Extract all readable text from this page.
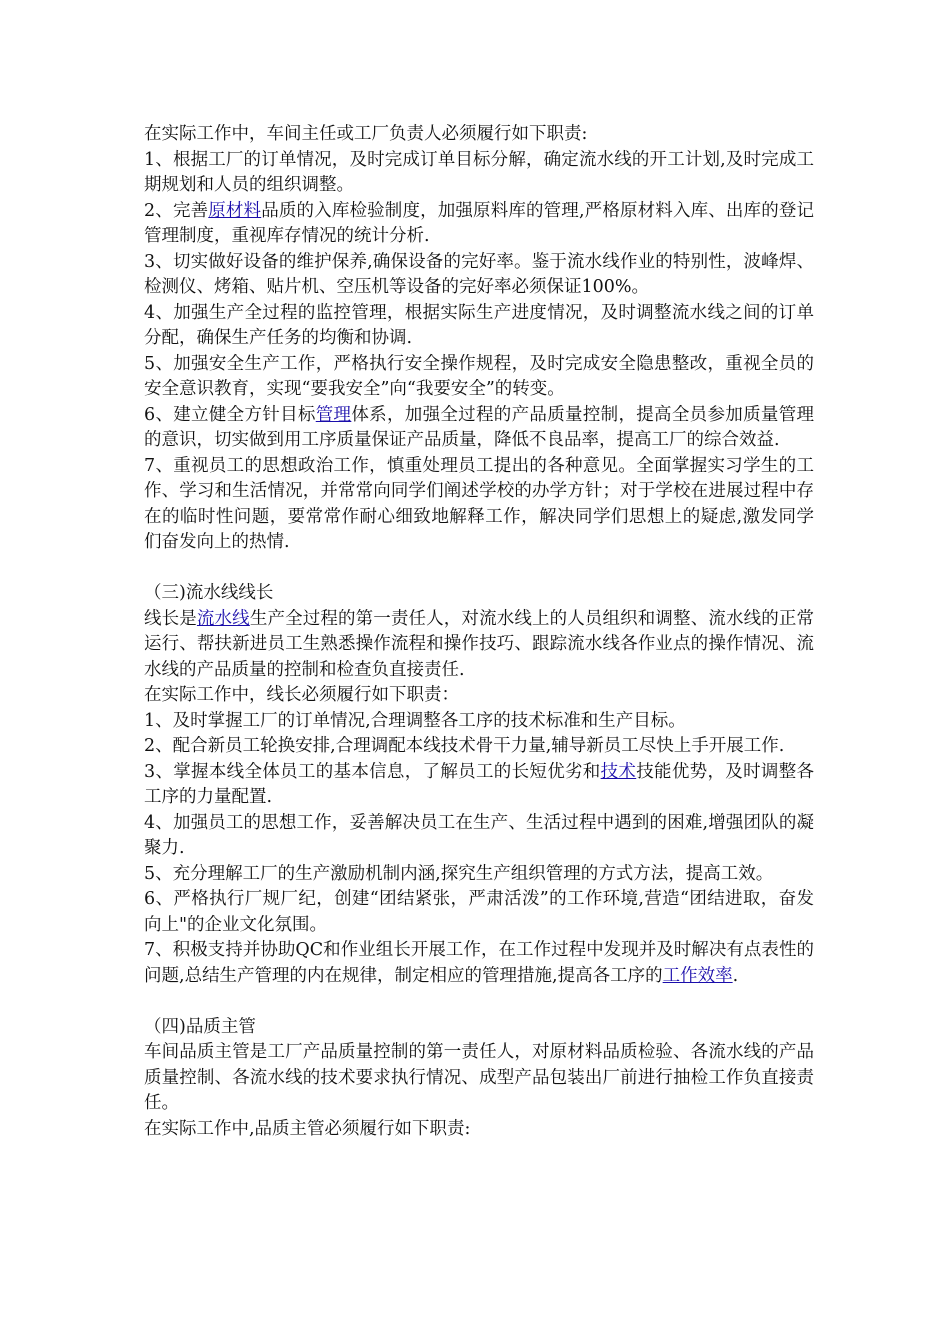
在实际工作中，车间主任或工厂负责人必须履行如下职责:

1、根据工厂的订单情况，及时完成订单目标分解，确定流水线的开工计划,及时完成工期规划和人员的组织调整。

2、完善原材料品质的入库检验制度，加强原料库的管理,严格原材料入库、出库的登记管理制度，重视库存情况的统计分析.

3、切实做好设备的维护保养,确保设备的完好率。鉴于流水线作业的特别性，波峰焊、检测仪、烤箱、贴片机、空压机等设备的完好率必须保证100%。

4、加强生产全过程的监控管理，根据实际生产进度情况，及时调整流水线之间的订单分配，确保生产任务的均衡和协调.

5、加强安全生产工作，严格执行安全操作规程，及时完成安全隐患整改，重视全员的安全意识教育，实现“要我安全”向“我要安全”的转变。

6、建立健全方针目标管理体系，加强全过程的产品质量控制，提高全员参加质量管理的意识，切实做到用工序质量保证产品质量，降低不良品率，提高工厂的综合效益.

7、重视员工的思想政治工作，慎重处理员工提出的各种意见。全面掌握实习学生的工作、学习和生活情况，并常常向同学们阐述学校的办学方针；对于学校在进展过程中存在的临时性问题，要常常作耐心细致地解释工作，解决同学们思想上的疑虑,激发同学们奋发向上的热情.

（三)流水线线长

线长是流水线生产全过程的第一责任人，对流水线上的人员组织和调整、流水线的正常运行、帮扶新进员工生熟悉操作流程和操作技巧、跟踪流水线各作业点的操作情况、流水线的产品质量的控制和检查负直接责任.

在实际工作中，线长必须履行如下职责：

1、及时掌握工厂的订单情况,合理调整各工序的技术标准和生产目标。

2、配合新员工轮换安排,合理调配本线技术骨干力量,辅导新员工尽快上手开展工作.

3、掌握本线全体员工的基本信息，了解员工的长短优劣和技术技能优势，及时调整各工序的力量配置.

4、加强员工的思想工作，妥善解决员工在生产、生活过程中遇到的困难,增强团队的凝聚力.

5、充分理解工厂的生产激励机制内涵,探究生产组织管理的方式方法，提高工效。

6、严格执行厂规厂纪，创建“团结紧张，严肃活泼”的工作环境,营造“团结进取，奋发向上"的企业文化氛围。

7、积极支持并协助QC和作业组长开展工作，在工作过程中发现并及时解决有点表性的问题,总结生产管理的内在规律，制定相应的管理措施,提高各工序的工作效率.

（四)品质主管

车间品质主管是工厂产品质量控制的第一责任人，对原材料品质检验、各流水线的产品质量控制、各流水线的技术要求执行情况、成型产品包装出厂前进行抽检工作负直接责任。

在实际工作中,品质主管必须履行如下职责:
